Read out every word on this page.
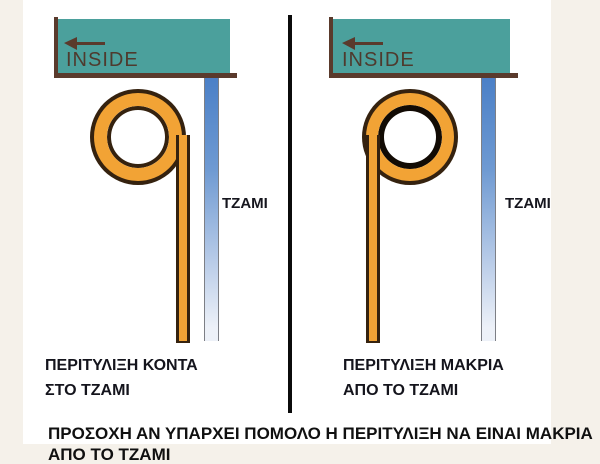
INSIDE
ΤΖΑΜΙ
ΠΕΡΙΤΥΛΙΞΗ ΚΟΝΤΑ
ΣΤΟ ΤΖΑΜΙ
INSIDE
ΤΖΑΜΙ
ΠΕΡΙΤΥΛΙΞΗ ΜΑΚΡΙΑ
ΑΠΟ ΤΟ ΤΖΑΜΙ
ΠΡΟΣΟΧΗ ΑΝ ΥΠΑΡΧΕΙ ΠΟΜΟΛΟ Η ΠΕΡΙΤΥΛΙΞΗ ΝΑ ΕΙΝΑΙ ΜΑΚΡΙΑ
ΑΠΟ ΤΟ ΤΖΑΜΙ
